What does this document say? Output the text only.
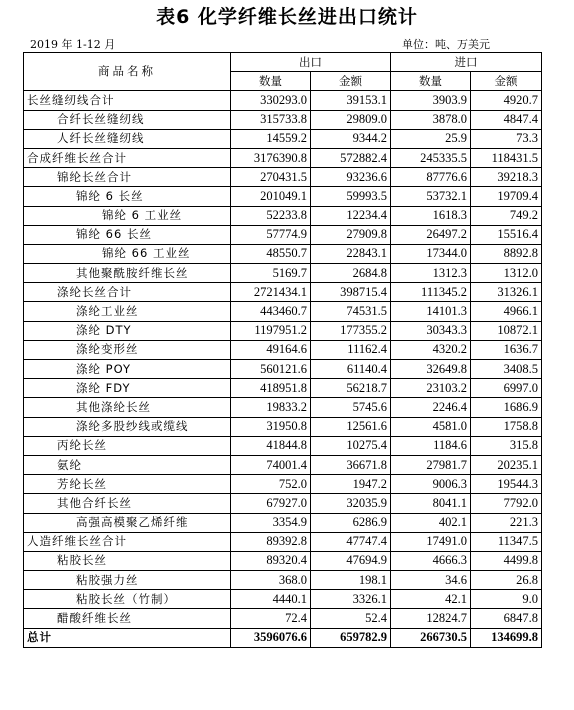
表6 化学纤维长丝进出口统计
2019 年 1-12 月	单位：吨、万美元
商品名称	出口		进口	
	数量	金额	数量	金额
长丝缝纫线合计	330293.0	39153.1	3903.9	4920.7
合纤长丝缝纫线	315733.8	29809.0	3878.0	4847.4
人纤长丝缝纫线	14559.2	9344.2	25.9	73.3
合成纤维长丝合计	3176390.8	572882.4	245335.5	118431.5
锦纶长丝合计	270431.5	93236.6	87776.6	39218.3
锦纶 6 长丝	201049.1	59993.5	53732.1	19709.4
锦纶 6 工业丝	52233.8	12234.4	1618.3	749.2
锦纶 66 长丝	57774.9	27909.8	26497.2	15516.4
锦纶 66 工业丝	48550.7	22843.1	17344.0	8892.8
其他聚酰胺纤维长丝	5169.7	2684.8	1312.3	1312.0
涤纶长丝合计	2721434.1	398715.4	111345.2	31326.1
涤纶工业丝	443460.7	74531.5	14101.3	4966.1
涤纶 DTY	1197951.2	177355.2	30343.3	10872.1
涤纶变形丝	49164.6	11162.4	4320.2	1636.7
涤纶 POY	560121.6	61140.4	32649.8	3408.5
涤纶 FDY	418951.8	56218.7	23103.2	6997.0
其他涤纶长丝	19833.2	5745.6	2246.4	1686.9
涤纶多股纱线或缆线	31950.8	12561.6	4581.0	1758.8
丙纶长丝	41844.8	10275.4	1184.6	315.8
氨纶	74001.4	36671.8	27981.7	20235.1
芳纶长丝	752.0	1947.2	9006.3	19544.3
其他合纤长丝	67927.0	32035.9	8041.1	7792.0
高强高模聚乙烯纤维	3354.9	6286.9	402.1	221.3
人造纤维长丝合计	89392.8	47747.4	17491.0	11347.5
粘胶长丝	89320.4	47694.9	4666.3	4499.8
粘胶强力丝	368.0	198.1	34.6	26.8
粘胶长丝（竹制）	4440.1	3326.1	42.1	9.0
醋酸纤维长丝	72.4	52.4	12824.7	6847.8
总计	3596076.6	659782.9	266730.5	134699.8
